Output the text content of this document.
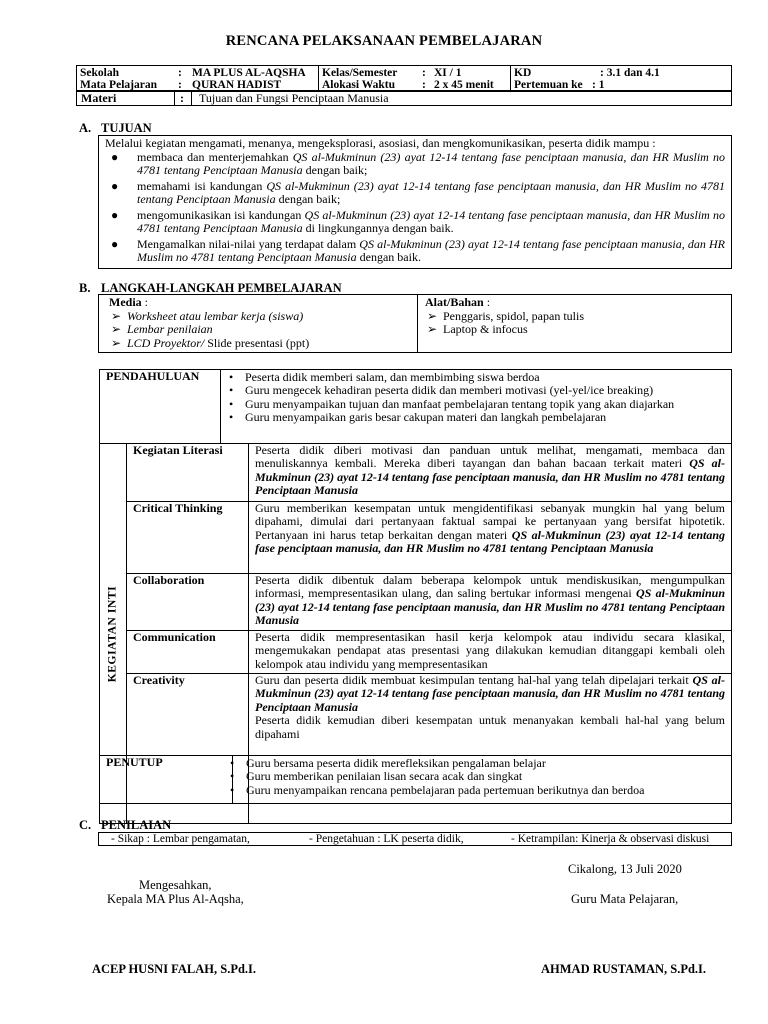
RENCANA PELAKSANAAN PEMBELAJARAN
Sekolah	: MA PLUS AL-AQSHA
Mata Pelajaran : QURAN HADIST
Kelas/Semester : XI / 1
Alokasi Waktu : 2 x 45 menit
KD	: 3.1 dan 4.1
Pertemuan ke : 1
Materi	: Tujuan dan Fungsi Penciptaan Manusia
A. TUJUAN

Melalui kegiatan mengamati, menanya, mengeksplorasi, asosiasi, dan mengkomunikasikan, peserta didik mampu :

● membaca dan menterjemahkan QS al-Mukminun (23) ayat 12-14 tentang fase penciptaan manusia, dan HR Muslim no 4781 tentang Penciptaan Manusia dengan baik;
● memahami isi kandungan QS al-Mukminun (23) ayat 12-14 tentang fase penciptaan manusia, dan HR Muslim no 4781 tentang Penciptaan Manusia dengan baik;
● mengomunikasikan isi kandungan QS al-Mukminun (23) ayat 12-14 tentang fase penciptaan manusia, dan HR Muslim no 4781 tentang Penciptaan Manusia di lingkungannya dengan baik.
● Mengamalkan nilai-nilai yang terdapat dalam QS al-Mukminun (23) ayat 12-14 tentang fase penciptaan manusia, dan HR Muslim no 4781 tentang Penciptaan Manusia dengan baik.
B. LANGKAH-LANGKAH PEMBELAJARAN
Media :
➢ Worksheet atau lembar kerja (siswa)
➢ Lembar penilaian
➢ LCD Proyektor/ Slide presentasi (ppt)
Alat/Bahan :
➢ Penggaris, spidol, papan tulis
➢ Laptop & infocus
PENDAHULUAN	• Peserta didik memberi salam, dan membimbing siswa berdoa
• Guru mengecek kehadiran peserta didik dan memberi motivasi (yel-yel/ice breaking)
• Guru menyampaikan tujuan dan manfaat pembelajaran tentang topik yang akan diajarkan
• Guru menyampaikan garis besar cakupan materi dan langkah pembelajaran
KEGIATAN INTI
Kegiatan Literasi	Peserta didik diberi motivasi dan panduan untuk melihat, mengamati, membaca dan menuliskannya kembali. Mereka diberi tayangan dan bahan bacaan terkait materi QS al-Mukminun (23) ayat 12-14 tentang fase penciptaan manusia, dan HR Muslim no 4781 tentang Penciptaan Manusia
Critical Thinking	Guru memberikan kesempatan untuk mengidentifikasi sebanyak mungkin hal yang belum dipahami, dimulai dari pertanyaan faktual sampai ke pertanyaan yang bersifat hipotetik. Pertanyaan ini harus tetap berkaitan dengan materi QS al-Mukminun (23) ayat 12-14 tentang fase penciptaan manusia, dan HR Muslim no 4781 tentang Penciptaan Manusia
Collaboration	Peserta didik dibentuk dalam beberapa kelompok untuk mendiskusikan, mengumpulkan informasi, mempresentasikan ulang, dan saling bertukar informasi mengenai QS al-Mukminun (23) ayat 12-14 tentang fase penciptaan manusia, dan HR Muslim no 4781 tentang Penciptaan Manusia
Communication	Peserta didik mempresentasikan hasil kerja kelompok atau individu secara klasikal, mengemukakan pendapat atas presentasi yang dilakukan kemudian ditanggapi kembali oleh kelompok atau individu yang mempresentasikan
Creativity	Guru dan peserta didik membuat kesimpulan tentang hal-hal yang telah dipelajari terkait QS al-Mukminun (23) ayat 12-14 tentang fase penciptaan manusia, dan HR Muslim no 4781 tentang Penciptaan Manusia
Peserta didik kemudian diberi kesempatan untuk menanyakan kembali hal-hal yang belum dipahami
PENUTUP	• Guru bersama peserta didik merefleksikan pengalaman belajar
• Guru memberikan penilaian lisan secara acak dan singkat
• Guru menyampaikan rencana pembelajaran pada pertemuan berikutnya dan berdoa
C. PENILAIAN
- Sikap : Lembar pengamatan,	- Pengetahuan : LK peserta didik,	- Ketrampilan: Kinerja & observasi diskusi
Cikalong, 13 Juli 2020
Mengesahkan,
Kepala MA Plus Al-Aqsha,	Guru Mata Pelajaran,
ACEP HUSNI FALAH, S.Pd.I.	AHMAD RUSTAMAN, S.Pd.I.
